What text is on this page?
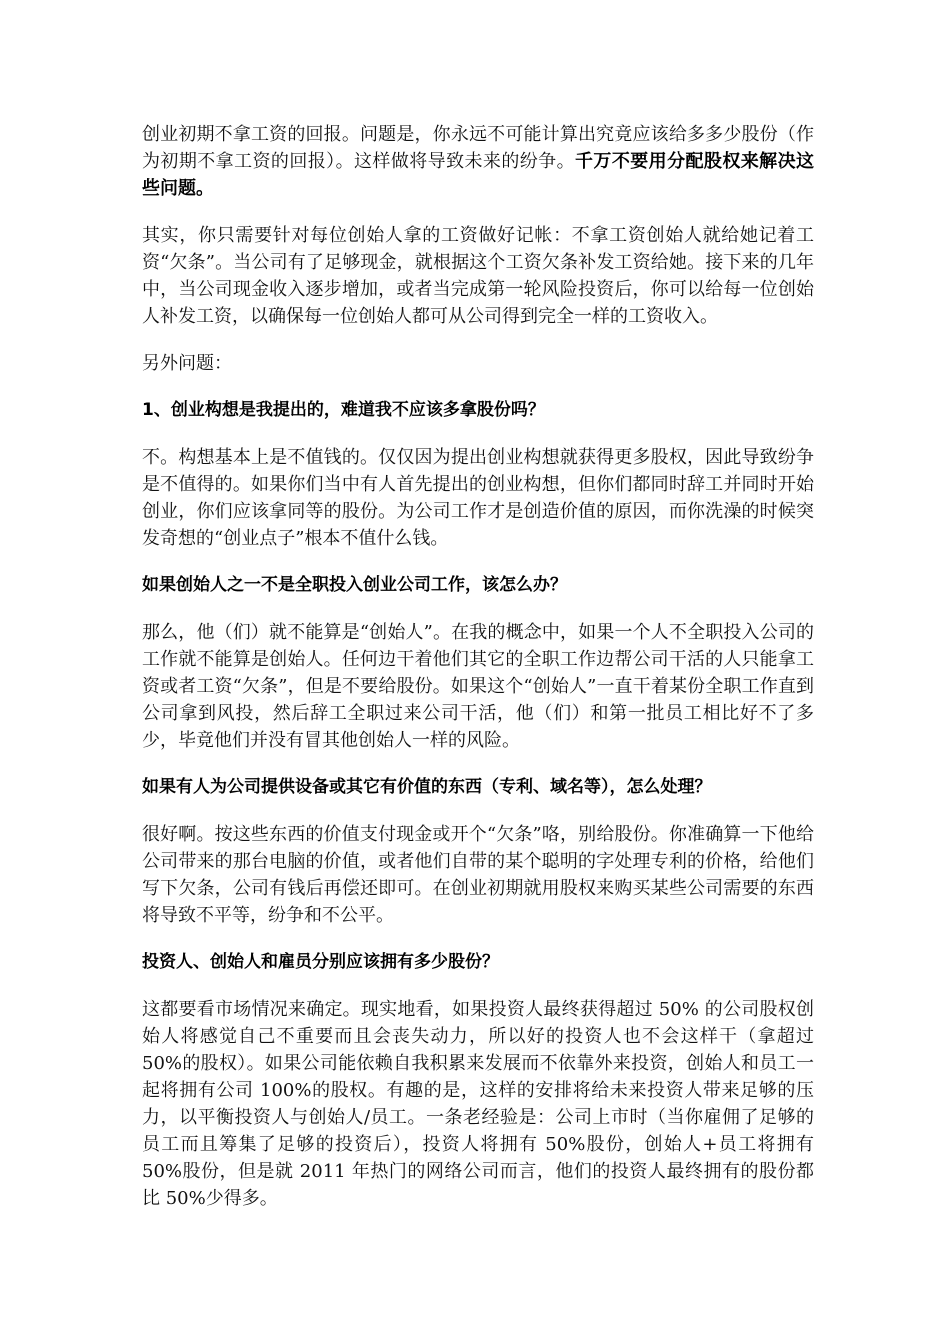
创业初期不拿工资的回报。问题是，你永远不可能计算出究竟应该给多多少股份（作为初期不拿工资的回报）。这样做将导致未来的纷争。千万不要用分配股权来解决这些问题。

其实，你只需要针对每位创始人拿的工资做好记帐：不拿工资创始人就给她记着工资“欠条”。当公司有了足够现金，就根据这个工资欠条补发工资给她。接下来的几年中，当公司现金收入逐步增加，或者当完成第一轮风险投资后，你可以给每一位创始人补发工资，以确保每一位创始人都可从公司得到完全一样的工资收入。

另外问题：

1、创业构想是我提出的，难道我不应该多拿股份吗？

不。构想基本上是不值钱的。仅仅因为提出创业构想就获得更多股权，因此导致纷争是不值得的。如果你们当中有人首先提出的创业构想，但你们都同时辞工并同时开始创业，你们应该拿同等的股份。为公司工作才是创造价值的原因，而你洗澡的时候突发奇想的“创业点子”根本不值什么钱。

如果创始人之一不是全职投入创业公司工作，该怎么办？

那么，他（们）就不能算是“创始人”。在我的概念中，如果一个人不全职投入公司的工作就不能算是创始人。任何边干着他们其它的全职工作边帮公司干活的人只能拿工资或者工资“欠条”，但是不要给股份。如果这个“创始人”一直干着某份全职工作直到公司拿到风投，然后辞工全职过来公司干活，他（们）和第一批员工相比好不了多少，毕竟他们并没有冒其他创始人一样的风险。

如果有人为公司提供设备或其它有价值的东西（专利、域名等），怎么处理？

很好啊。按这些东西的价值支付现金或开个“欠条”咯，别给股份。你准确算一下他给公司带来的那台电脑的价值，或者他们自带的某个聪明的字处理专利的价格，给他们写下欠条，公司有钱后再偿还即可。在创业初期就用股权来购买某些公司需要的东西将导致不平等，纷争和不公平。

投资人、创始人和雇员分别应该拥有多少股份？

这都要看市场情况来确定。现实地看，如果投资人最终获得超过 50% 的公司股权创始人将感觉自己不重要而且会丧失动力，所以好的投资人也不会这样干（拿超过 50%的股权）。如果公司能依赖自我积累来发展而不依靠外来投资，创始人和员工一起将拥有公司 100%的股权。有趣的是，这样的安排将给未来投资人带来足够的压力，以平衡投资人与创始人/员工。一条老经验是：公司上市时（当你雇佣了足够的员工而且筹集了足够的投资后），投资人将拥有 50%股份，创始人+员工将拥有 50%股份，但是就 2011 年热门的网络公司而言，他们的投资人最终拥有的股份都比 50%少得多。
